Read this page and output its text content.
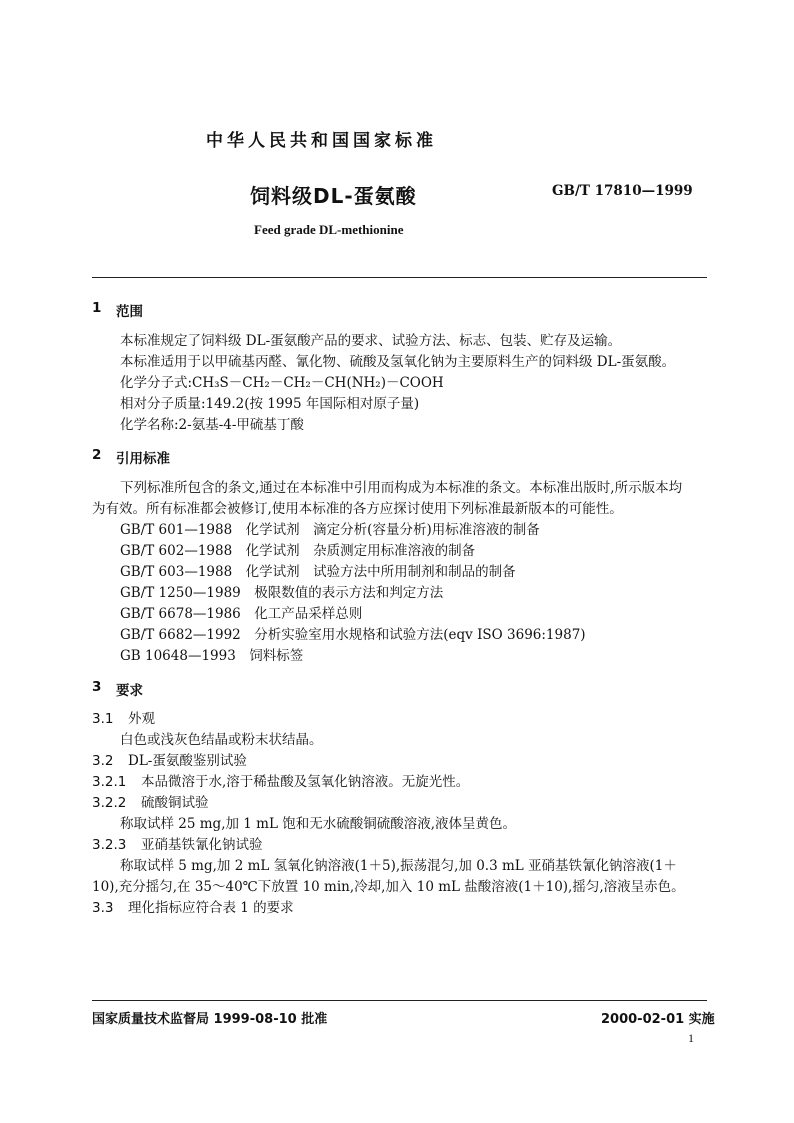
中华人民共和国国家标准
饲料级DL-蛋氨酸	GB/T 17810—1999
Feed grade DL-methionine
1 范围
本标准规定了饲料级 DL-蛋氨酸产品的要求、试验方法、标志、包装、贮存及运输。
本标准适用于以甲硫基丙醛、氰化物、硫酸及氢氧化钠为主要原料生产的饲料级 DL-蛋氨酸。
化学分子式:CH₃S－CH₂－CH₂－CH(NH₂)－COOH
相对分子质量:149.2(按 1995 年国际相对原子量)
化学名称:2-氨基-4-甲硫基丁酸
2 引用标准
下列标准所包含的条文,通过在本标准中引用而构成为本标准的条文。本标准出版时,所示版本均
为有效。所有标准都会被修订,使用本标准的各方应探讨使用下列标准最新版本的可能性。
GB/T 601—1988　化学试剂　滴定分析(容量分析)用标准溶液的制备
GB/T 602—1988　化学试剂　杂质测定用标准溶液的制备
GB/T 603—1988　化学试剂　试验方法中所用制剂和制品的制备
GB/T 1250—1989　极限数值的表示方法和判定方法
GB/T 6678—1986　化工产品采样总则
GB/T 6682—1992　分析实验室用水规格和试验方法(eqv ISO 3696:1987)
GB 10648—1993　饲料标签
3 要求
3.1 外观
白色或浅灰色结晶或粉末状结晶。
3.2 DL-蛋氨酸鉴别试验
3.2.1 本品微溶于水,溶于稀盐酸及氢氧化钠溶液。无旋光性。
3.2.2 硫酸铜试验
称取试样 25 mg,加 1 mL 饱和无水硫酸铜硫酸溶液,液体呈黄色。
3.2.3 亚硝基铁氰化钠试验
称取试样 5 mg,加 2 mL 氢氧化钠溶液(1＋5),振荡混匀,加 0.3 mL 亚硝基铁氰化钠溶液(1＋
10),充分摇匀,在 35～40℃下放置 10 min,冷却,加入 10 mL 盐酸溶液(1＋10),摇匀,溶液呈赤色。
3.3 理化指标应符合表 1 的要求
国家质量技术监督局 1999-08-10 批准	2000-02-01 实施
1
